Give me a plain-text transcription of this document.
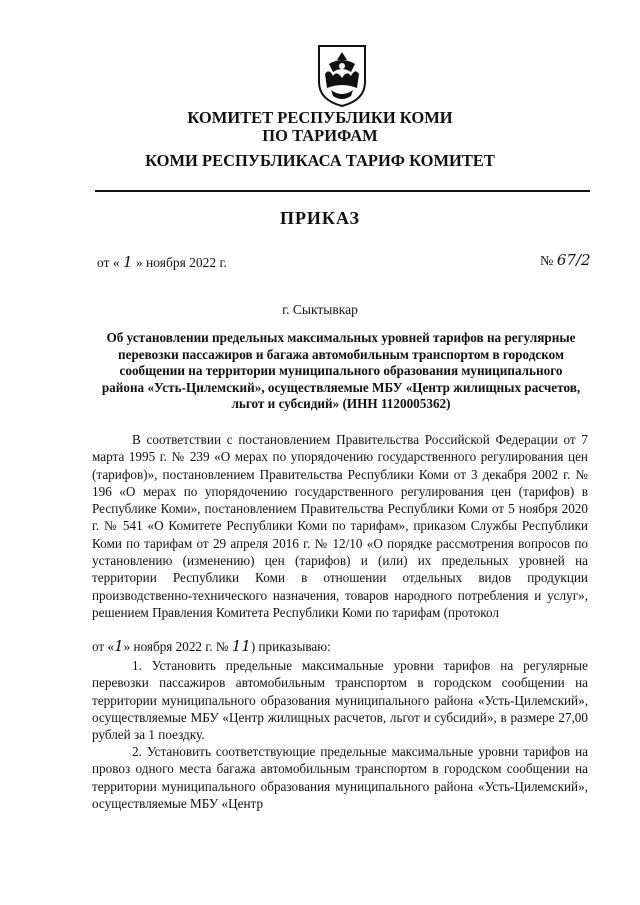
КОМИТЕТ РЕСПУБЛИКИ КОМИ
ПО ТАРИФАМ
КОМИ РЕСПУБЛИКАСА ТАРИФ КОМИТЕТ
ПРИКАЗ
от « 1 » ноября 2022 г.	№ 67/2
г. Сыктывкар
Об установлении предельных максимальных уровней тарифов на регулярные перевозки пассажиров и багажа автомобильным транспортом в городском сообщении на территории муниципального образования муниципального района «Усть-Цилемский», осуществляемые МБУ «Центр жилищных расчетов, льгот и субсидий» (ИНН 1120005362)

В соответствии с постановлением Правительства Российской Федерации от 7 марта 1995 г. № 239 «О мерах по упорядочению государственного регулирования цен (тарифов)», постановлением Правительства Республики Коми от 3 декабря 2002 г. № 196 «О мерах по упорядочению государственного регулирования цен (тарифов) в Республике Коми», постановлением Правительства Республики Коми от 5 ноября 2020 г. № 541 «О Комитете Республики Коми по тарифам», приказом Службы Республики Коми по тарифам от 29 апреля 2016 г. № 12/10 «О порядке рассмотрения вопросов по установлению (изменению) цен (тарифов) и (или) их предельных уровней на территории Республики Коми в отношении отдельных видов продукции производственно-технического назначения, товаров народного потребления и услуг», решением Правления Комитета Республики Коми по тарифам (протокол

от «1» ноября 2022 г. № 11) приказываю:

1. Установить предельные максимальные уровни тарифов на регулярные перевозки пассажиров автомобильным транспортом в городском сообщении на территории муниципального образования муниципального района «Усть-Цилемский», осуществляемые МБУ «Центр жилищных расчетов, льгот и субсидий», в размере 27,00 рублей за 1 поездку.

2. Установить соответствующие предельные максимальные уровни тарифов на провоз одного места багажа автомобильным транспортом в городском сообщении на территории муниципального образования муниципального района «Усть-Цилемский», осуществляемые МБУ «Центр
